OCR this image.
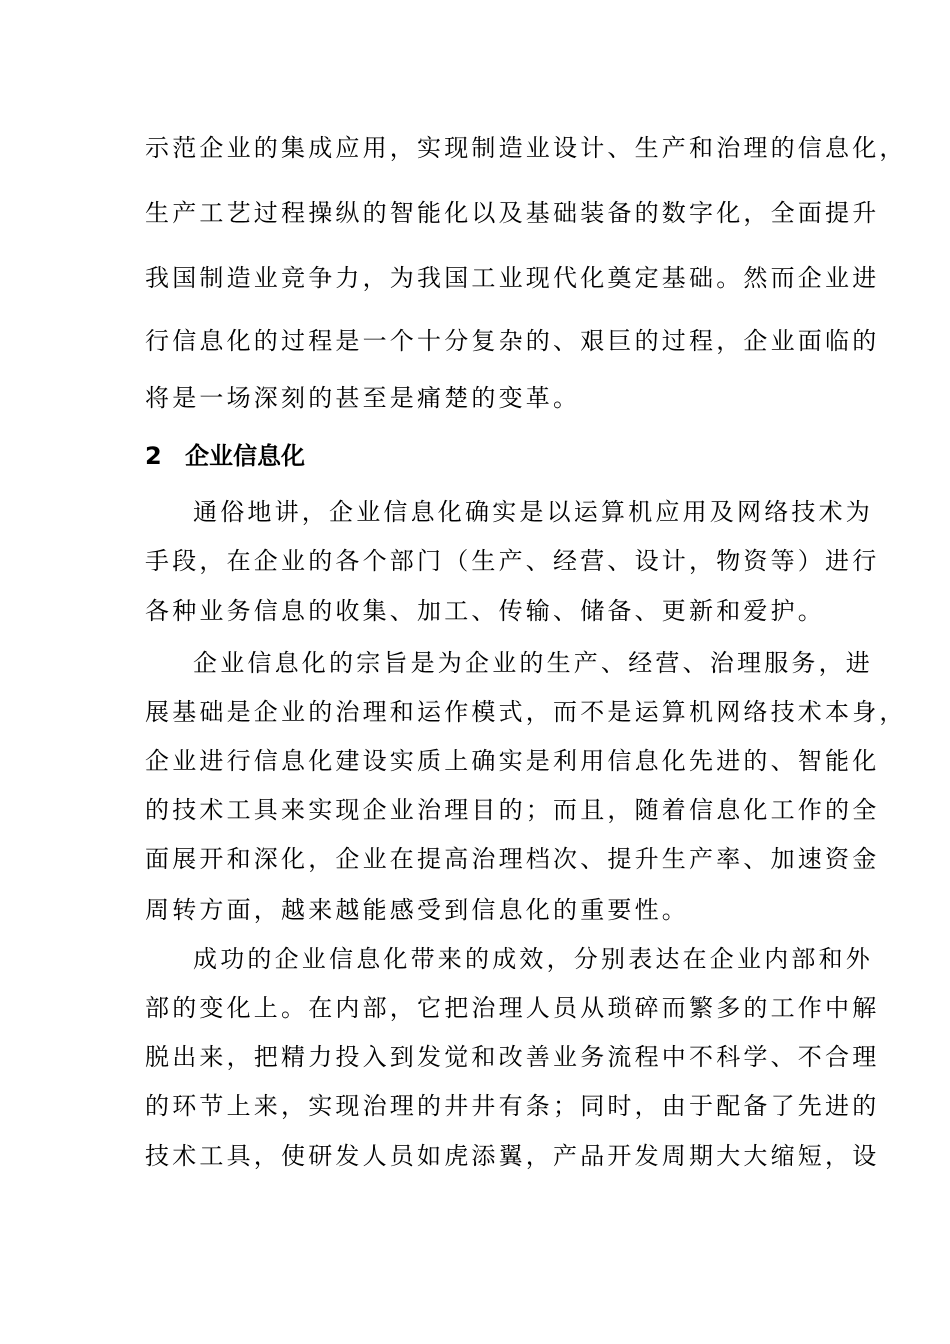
示范企业的集成应用，实现制造业设计、生产和治理的信息化，
生产工艺过程操纵的智能化以及基础装备的数字化，全面提升
我国制造业竞争力，为我国工业现代化奠定基础。然而企业进
行信息化的过程是一个十分复杂的、艰巨的过程，企业面临的
将是一场深刻的甚至是痛楚的变革。
2 企业信息化
通俗地讲，企业信息化确实是以运算机应用及网络技术为
手段，在企业的各个部门（生产、经营、设计，物资等）进行
各种业务信息的收集、加工、传输、储备、更新和爱护。
企业信息化的宗旨是为企业的生产、经营、治理服务，进
展基础是企业的治理和运作模式，而不是运算机网络技术本身，
企业进行信息化建设实质上确实是利用信息化先进的、智能化
的技术工具来实现企业治理目的；而且，随着信息化工作的全
面展开和深化，企业在提高治理档次、提升生产率、加速资金
周转方面，越来越能感受到信息化的重要性。
成功的企业信息化带来的成效，分别表达在企业内部和外
部的变化上。在内部，它把治理人员从琐碎而繁多的工作中解
脱出来，把精力投入到发觉和改善业务流程中不科学、不合理
的环节上来，实现治理的井井有条；同时，由于配备了先进的
技术工具，使研发人员如虎添翼，产品开发周期大大缩短，设
